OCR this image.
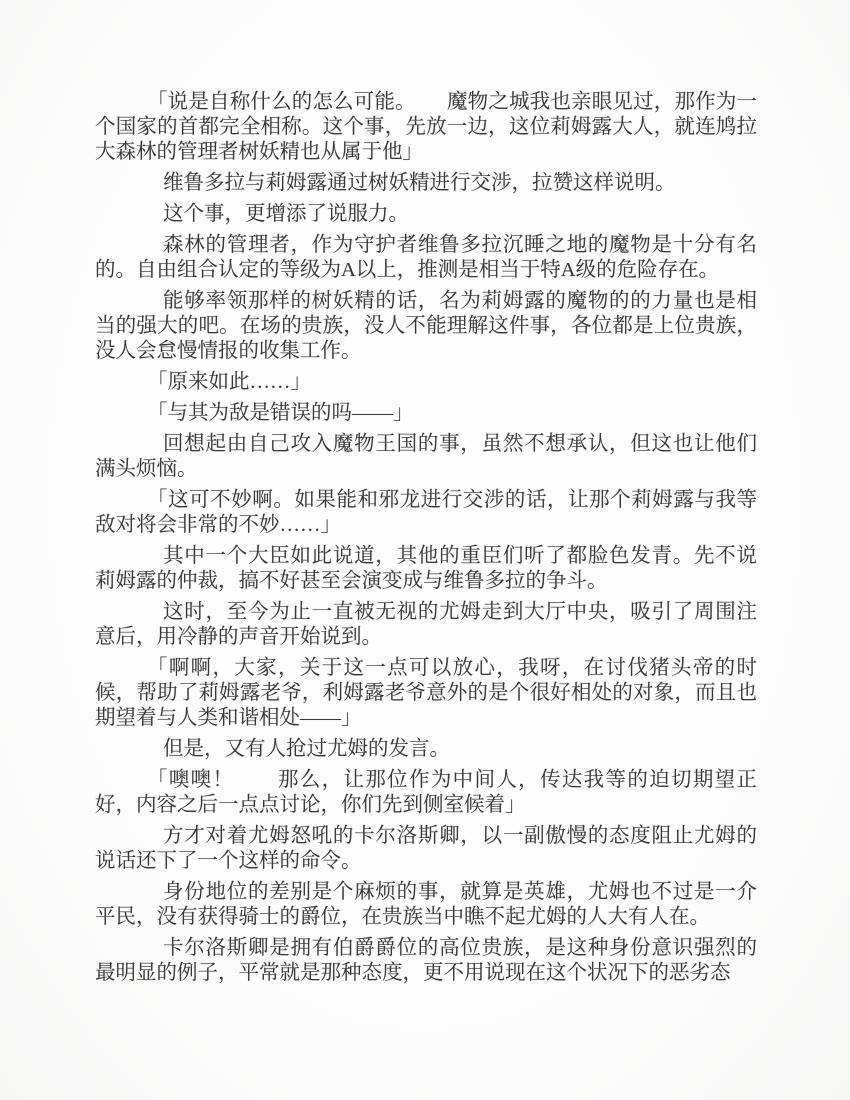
「说是自称什么的怎么可能。　　魔物之城我也亲眼见过，那作为一个国家的首都完全相称。这个事，先放一边，这位莉姆露大人，就连鸠拉大森林的管理者树妖精也从属于他」

维鲁多拉与莉姆露通过树妖精进行交涉，拉赞这样说明。

这个事，更增添了说服力。

森林的管理者，作为守护者维鲁多拉沉睡之地的魔物是十分有名的。自由组合认定的等级为A以上，推测是相当于特A级的危险存在。

能够率领那样的树妖精的话，名为莉姆露的魔物的的力量也是相当的强大的吧。在场的贵族，没人不能理解这件事，各位都是上位贵族，没人会怠慢情报的收集工作。

「原来如此……」

「与其为敌是错误的吗——」

回想起由自己攻入魔物王国的事，虽然不想承认，但这也让他们满头烦恼。

「这可不妙啊。如果能和邪龙进行交涉的话，让那个莉姆露与我等敌对将会非常的不妙……」

其中一个大臣如此说道，其他的重臣们听了都脸色发青。先不说莉姆露的仲裁，搞不好甚至会演变成与维鲁多拉的争斗。

这时，至今为止一直被无视的尤姆走到大厅中央，吸引了周围注意后，用冷静的声音开始说到。

「啊啊，大家，关于这一点可以放心，我呀，在讨伐猪头帝的时候，帮助了莉姆露老爷，利姆露老爷意外的是个很好相处的对象，而且也期望着与人类和谐相处——」

但是，又有人抢过尤姆的发言。

「噢噢！　　那么，让那位作为中间人，传达我等的迫切期望正好，内容之后一点点讨论，你们先到侧室候着」

方才对着尤姆怒吼的卡尔洛斯卿，以一副傲慢的态度阻止尤姆的说话还下了一个这样的命令。

身份地位的差别是个麻烦的事，就算是英雄，尤姆也不过是一介平民，没有获得骑士的爵位，在贵族当中瞧不起尤姆的人大有人在。

卡尔洛斯卿是拥有伯爵爵位的高位贵族，是这种身份意识强烈的最明显的例子，平常就是那种态度，更不用说现在这个状况下的恶劣态
